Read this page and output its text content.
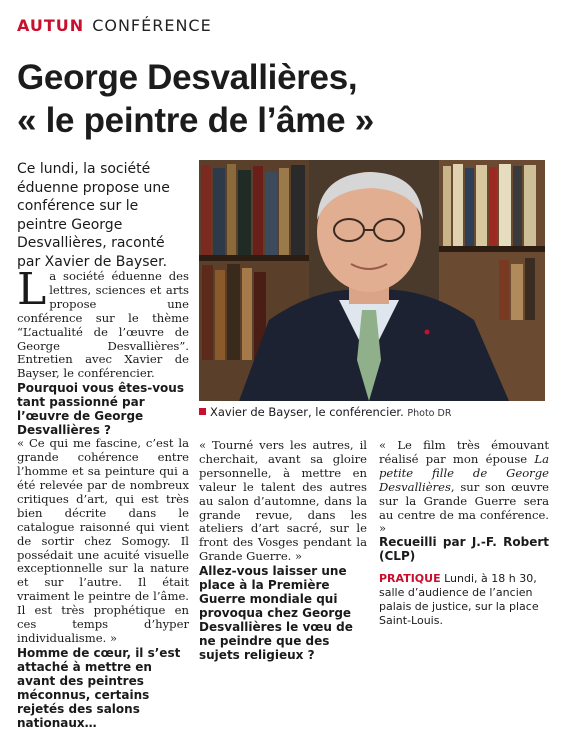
AUTUN CONFÉRENCE
George Desvallières,
« le peintre de l’âme »
Ce lundi, la société éduenne propose une conférence sur le peintre George Desvallières, raconté par Xavier de Bayser.
Xavier de Bayser, le conférencier. Photo DR

La société éduenne des lettres, sciences et arts propose une conférence sur le thème “L’actualité de l’œuvre de George Desvallières”. Entretien avec Xavier de Bayser, le conférencier.

Pourquoi vous êtes-vous tant passionné par l’œuvre de George Desvallières ?

« Ce qui me fascine, c’est la grande cohérence entre l’homme et sa peinture qui a été relevée par de nombreux critiques d’art, qui est très bien décrite dans le catalogue raisonné qui vient de sortir chez Somogy. Il possédait une acuité visuelle exceptionnelle sur la nature et sur l’autre. Il était vraiment le peintre de l’âme. Il est très prophétique en ces temps d’hyper individualisme. »

Homme de cœur, il s’est attaché à mettre en avant des peintres méconnus, certains rejetés des salons nationaux…

« Tourné vers les autres, il cherchait, avant sa gloire personnelle, à mettre en valeur le talent des autres au salon d’automne, dans la grande revue, dans les ateliers d’art sacré, sur le front des Vosges pendant la Grande Guerre. »

Allez-vous laisser une place à la Première Guerre mondiale qui provoqua chez George Desvallières le vœu de ne peindre que des sujets religieux ?

« Le film très émouvant réalisé par mon épouse La petite fille de George Desvallières, sur son œuvre sur la Grande Guerre sera au centre de ma conférence. »

Recueilli par J.-F. Robert (CLP)

PRATIQUE Lundi, à 18 h 30, salle d’audience de l’ancien palais de justice, sur la place Saint-Louis.
